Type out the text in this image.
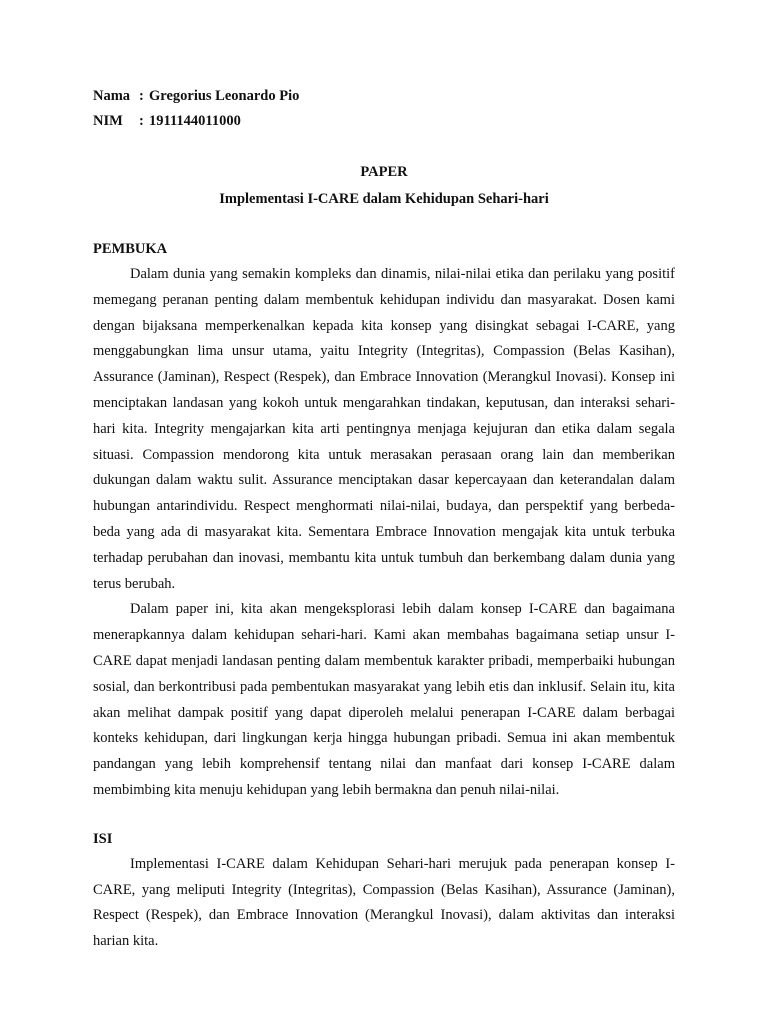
Nama : Gregorius Leonardo Pio
NIM : 1911144011000
PAPER
Implementasi I-CARE dalam Kehidupan Sehari-hari
PEMBUKA

Dalam dunia yang semakin kompleks dan dinamis, nilai-nilai etika dan perilaku yang positif memegang peranan penting dalam membentuk kehidupan individu dan masyarakat. Dosen kami dengan bijaksana memperkenalkan kepada kita konsep yang disingkat sebagai I-CARE, yang menggabungkan lima unsur utama, yaitu Integrity (Integritas), Compassion (Belas Kasihan), Assurance (Jaminan), Respect (Respek), dan Embrace Innovation (Merangkul Inovasi). Konsep ini menciptakan landasan yang kokoh untuk mengarahkan tindakan, keputusan, dan interaksi sehari-hari kita. Integrity mengajarkan kita arti pentingnya menjaga kejujuran dan etika dalam segala situasi. Compassion mendorong kita untuk merasakan perasaan orang lain dan memberikan dukungan dalam waktu sulit. Assurance menciptakan dasar kepercayaan dan keterandalan dalam hubungan antarindividu. Respect menghormati nilai-nilai, budaya, dan perspektif yang berbeda-beda yang ada di masyarakat kita. Sementara Embrace Innovation mengajak kita untuk terbuka terhadap perubahan dan inovasi, membantu kita untuk tumbuh dan berkembang dalam dunia yang terus berubah.

Dalam paper ini, kita akan mengeksplorasi lebih dalam konsep I-CARE dan bagaimana menerapkannya dalam kehidupan sehari-hari. Kami akan membahas bagaimana setiap unsur I-CARE dapat menjadi landasan penting dalam membentuk karakter pribadi, memperbaiki hubungan sosial, dan berkontribusi pada pembentukan masyarakat yang lebih etis dan inklusif. Selain itu, kita akan melihat dampak positif yang dapat diperoleh melalui penerapan I-CARE dalam berbagai konteks kehidupan, dari lingkungan kerja hingga hubungan pribadi. Semua ini akan membentuk pandangan yang lebih komprehensif tentang nilai dan manfaat dari konsep I-CARE dalam membimbing kita menuju kehidupan yang lebih bermakna dan penuh nilai-nilai.

ISI

Implementasi I-CARE dalam Kehidupan Sehari-hari merujuk pada penerapan konsep I-CARE, yang meliputi Integrity (Integritas), Compassion (Belas Kasihan), Assurance (Jaminan), Respect (Respek), dan Embrace Innovation (Merangkul Inovasi), dalam aktivitas dan interaksi harian kita.
